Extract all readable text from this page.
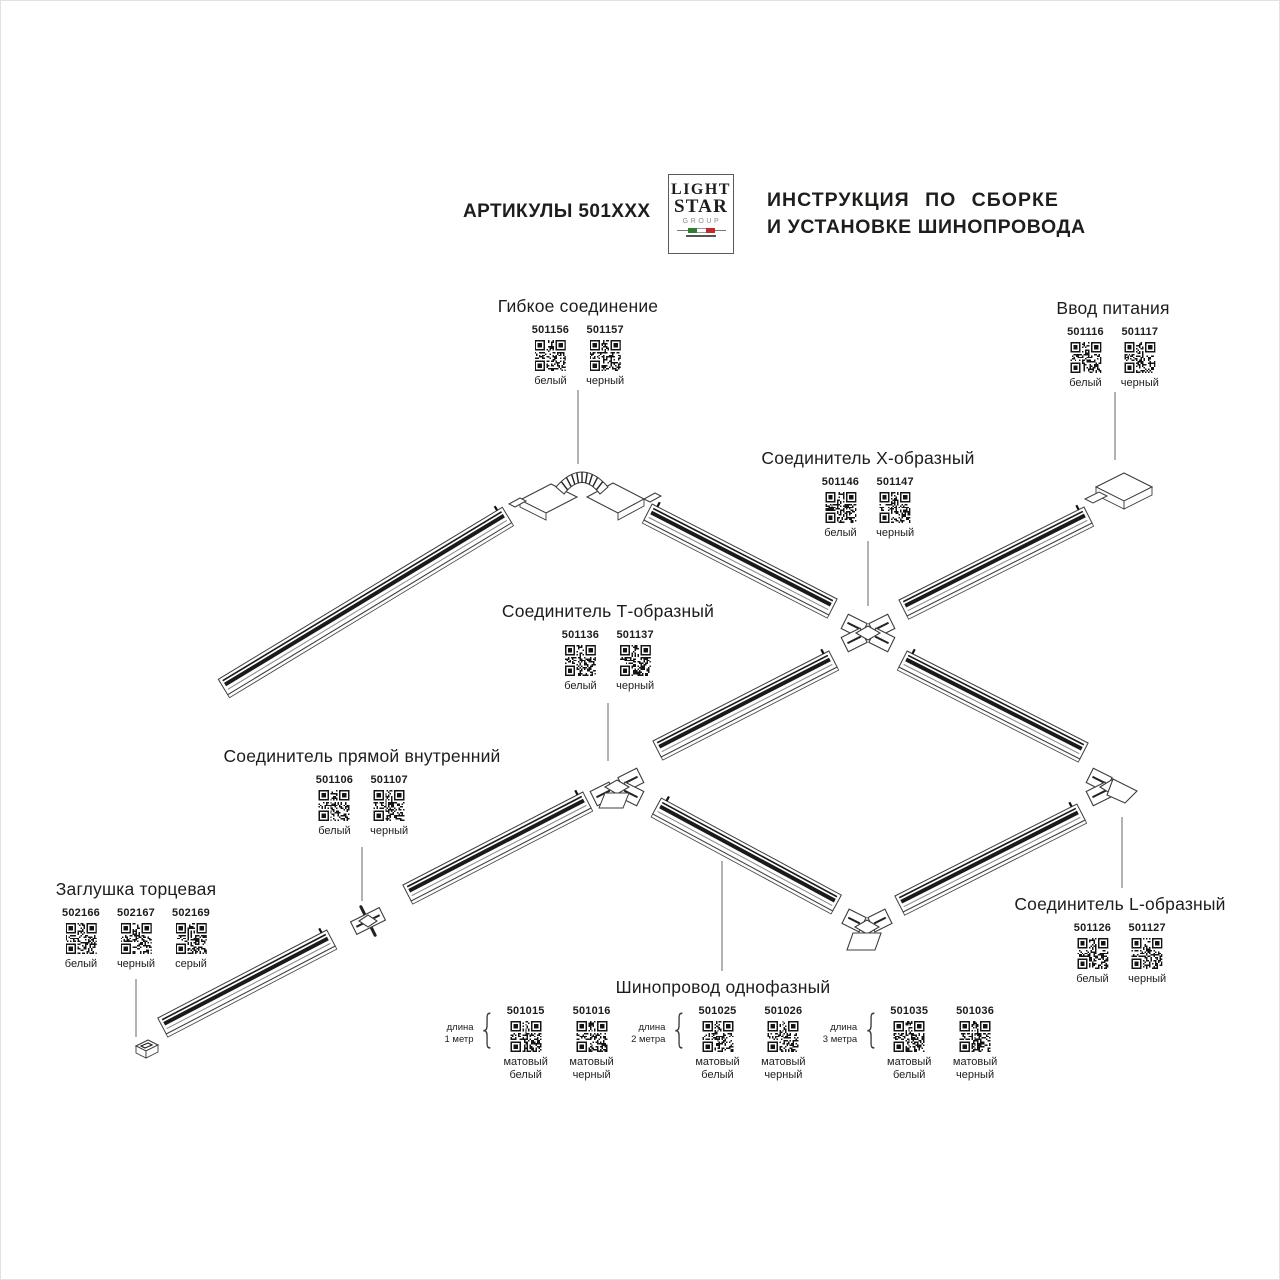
АРТИКУЛЫ 501XXX
LIGHT
STAR
GROUP
ИНСТРУКЦИЯ ПО СБОРКЕ
И УСТАНОВКЕ ШИНОПРОВОДА
Гибкое соединение
501156
белый
501157
черный
Ввод питания
501116
белый
501117
черный
Соединитель X-образный
501146
белый
501147
черный
Соединитель Т-образный
501136
белый
501137
черный
Соединитель прямой внутренний
501106
белый
501107
черный
Заглушка торцевая
502166
белый
502167
черный
502169
серый
Соединитель L-образный
501126
белый
501127
черный
Шинопровод однофазный
длина
1 метр { 501015
матовый белый
501016
матовый черный
длина
2 метра { 501025
матовый белый
501026
матовый черный
длина
3 метра { 501035
матовый белый
501036
матовый черный
